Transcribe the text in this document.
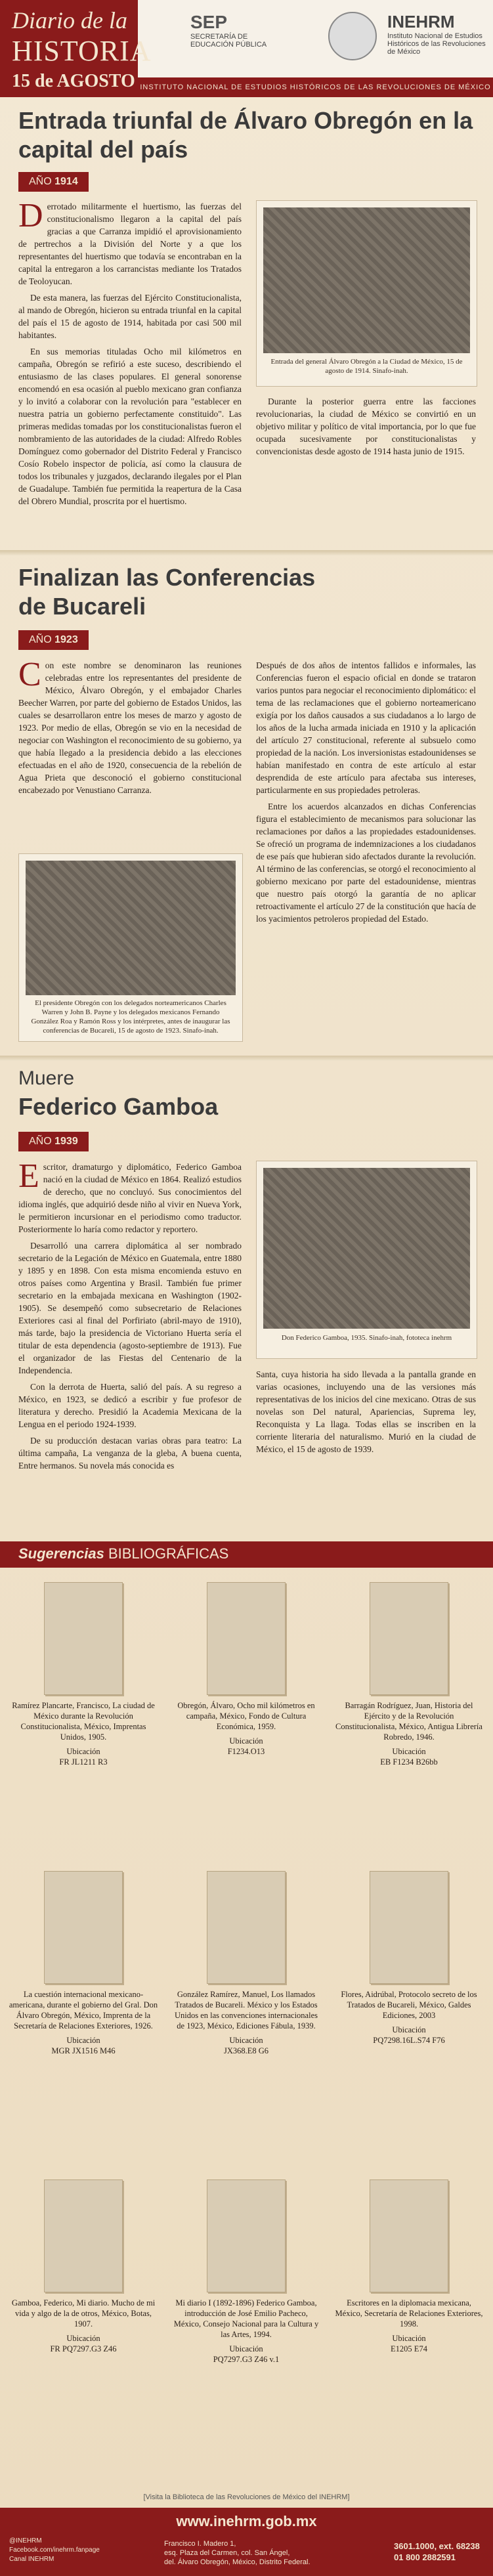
Diario de la
HISTORIA
15 de AGOSTO
SEP
SECRETARÍA DE EDUCACIÓN PÚBLICA
INEHRM
Instituto Nacional de Estudios Históricos de las Revoluciones de México
INSTITUTO NACIONAL DE ESTUDIOS HISTÓRICOS DE LAS REVOLUCIONES DE MÉXICO
Entrada triunfal de Álvaro Obregón en la capital del país
AÑO 1914

Derrotado militarmente el huertismo, las fuerzas del constitucionalismo llegaron a la capital del país gracias a que Carranza impidió el aprovisionamiento de pertrechos a la División del Norte y a que los representantes del huertismo que todavía se encontraban en la capital la entregaron a los carrancistas mediante los Tratados de Teoloyucan.

De esta manera, las fuerzas del Ejército Constitucionalista, al mando de Obregón, hicieron su entrada triunfal en la capital del país el 15 de agosto de 1914, habitada por casi 500 mil habitantes.

En sus memorias tituladas Ocho mil kilómetros en campaña, Obregón se refirió a este suceso, describiendo el entusiasmo de las clases populares. El general sonorense encomendó en esa ocasión al pueblo mexicano gran confianza y lo invitó a colaborar con la revolución para "establecer en nuestra patria un gobierno perfectamente constituido". Las primeras medidas tomadas por los constitucionalistas fueron el nombramiento de las autoridades de la ciudad: Alfredo Robles Domínguez como gobernador del Distrito Federal y Francisco Cosío Robelo inspector de policía, así como la clausura de todos los tribunales y juzgados, declarando ilegales por el Plan de Guadalupe. También fue permitida la reapertura de la Casa del Obrero Mundial, proscrita por el huertismo.

Entrada del general Álvaro Obregón a la Ciudad de México, 15 de agosto de 1914. Sinafo-inah.

Durante la posterior guerra entre las facciones revolucionarias, la ciudad de México se convirtió en un objetivo militar y político de vital importancia, por lo que fue ocupada sucesivamente por constitucionalistas y convencionistas desde agosto de 1914 hasta junio de 1915.

Finalizan las Conferencias
de Bucareli
AÑO 1923

Con este nombre se denominaron las reuniones celebradas entre los representantes del presidente de México, Álvaro Obregón, y el embajador Charles Beecher Warren, por parte del gobierno de Estados Unidos, las cuales se desarrollaron entre los meses de marzo y agosto de 1923. Por medio de ellas, Obregón se vio en la necesidad de negociar con Washington el reconocimiento de su gobierno, ya que había llegado a la presidencia debido a las elecciones efectuadas en el año de 1920, consecuencia de la rebelión de Agua Prieta que desconoció el gobierno constitucional encabezado por Venustiano Carranza.

El presidente Obregón con los delegados norteamericanos Charles Warren y John B. Payne y los delegados mexicanos Fernando González Roa y Ramón Ross y los intérpretes, antes de inaugurar las conferencias de Bucareli, 15 de agosto de 1923. Sinafo-inah.

Después de dos años de intentos fallidos e informales, las Conferencias fueron el espacio oficial en donde se trataron varios puntos para negociar el reconocimiento diplomático: el tema de las reclamaciones que el gobierno norteamericano exigía por los daños causados a sus ciudadanos a lo largo de los años de la lucha armada iniciada en 1910 y la aplicación del artículo 27 constitucional, referente al subsuelo como propiedad de la nación. Los inversionistas estadounidenses se habían manifestado en contra de este artículo al estar desprendida de este artículo para afectaba sus intereses, particularmente en sus propiedades petroleras.

Entre los acuerdos alcanzados en dichas Conferencias figura el establecimiento de mecanismos para solucionar las reclamaciones por daños a las propiedades estadounidenses. Se ofreció un programa de indemnizaciones a los ciudadanos de ese país que hubieran sido afectados durante la revolución. Al término de las conferencias, se otorgó el reconocimiento al gobierno mexicano por parte del estadounidense, mientras que nuestro país otorgó la garantía de no aplicar retroactivamente el artículo 27 de la constitución que hacía de los yacimientos petroleros propiedad del Estado.

Muere
Federico Gamboa
AÑO 1939

Escritor, dramaturgo y diplomático, Federico Gamboa nació en la ciudad de México en 1864. Realizó estudios de derecho, que no concluyó. Sus conocimientos del idioma inglés, que adquirió desde niño al vivir en Nueva York, le permitieron incursionar en el periodismo como traductor. Posteriormente lo haría como redactor y reportero.

Desarrolló una carrera diplomática al ser nombrado secretario de la Legación de México en Guatemala, entre 1880 y 1895 y en 1898. Con esta misma encomienda estuvo en otros países como Argentina y Brasil. También fue primer secretario en la embajada mexicana en Washington (1902-1905). Se desempeñó como subsecretario de Relaciones Exteriores casi al final del Porfiriato (abril-mayo de 1910), más tarde, bajo la presidencia de Victoriano Huerta sería el titular de esta dependencia (agosto-septiembre de 1913). Fue el organizador de las Fiestas del Centenario de la Independencia.

Con la derrota de Huerta, salió del país. A su regreso a México, en 1923, se dedicó a escribir y fue profesor de literatura y derecho. Presidió la Academia Mexicana de la Lengua en el periodo 1924-1939.

De su producción destacan varias obras para teatro: La última campaña, La venganza de la gleba, A buena cuenta, Entre hermanos. Su novela más conocida es

Don Federico Gamboa, 1935. Sinafo-inah, fototeca inehrm

Santa, cuya historia ha sido llevada a la pantalla grande en varias ocasiones, incluyendo una de las versiones más representativas de los inicios del cine mexicano. Otras de sus novelas son Del natural, Apariencias, Suprema ley, Reconquista y La llaga. Todas ellas se inscriben en la corriente literaria del naturalismo. Murió en la ciudad de México, el 15 de agosto de 1939.

Sugerencias BIBLIOGRÁFICAS
Ramírez Plancarte, Francisco, La ciudad de México durante la Revolución Constitucionalista, México, Imprentas Unidos, 1905.
Ubicación
FR JL1211 R3
Obregón, Álvaro, Ocho mil kilómetros en campaña, México, Fondo de Cultura Económica, 1959.
Ubicación
F1234.O13
Barragán Rodríguez, Juan, Historia del Ejército y de la Revolución Constitucionalista, México, Antigua Librería Robredo, 1946.
Ubicación
EB F1234 B26bb
La cuestión internacional mexicano-americana, durante el gobierno del Gral. Don Álvaro Obregón, México, Imprenta de la Secretaría de Relaciones Exteriores, 1926.
Ubicación
MGR JX1516 M46
González Ramírez, Manuel, Los llamados Tratados de Bucareli. México y los Estados Unidos en las convenciones internacionales de 1923, México, Ediciones Fábula, 1939.
Ubicación
JX368.E8 G6
Flores, Aidrúbal, Protocolo secreto de los Tratados de Bucareli, México, Galdes Ediciones, 2003
Ubicación
PQ7298.16L.S74 F76
Gamboa, Federico, Mi diario. Mucho de mi vida y algo de la de otros, México, Botas, 1907.
Ubicación
FR PQ7297.G3 Z46
Mi diario I (1892-1896) Federico Gamboa, introducción de José Emilio Pacheco, México, Consejo Nacional para la Cultura y las Artes, 1994.
Ubicación
PQ7297.G3 Z46 v.1
Escritores en la diplomacia mexicana, México, Secretaría de Relaciones Exteriores, 1998.
Ubicación
E1205 E74
[Visita la Biblioteca de las Revoluciones de México del INEHRM]
www.inehrm.gob.mx
@INEHRM
Facebook.com/inehrm.fanpage
Canal INEHRM
Francisco I. Madero 1,
esq. Plaza del Carmen, col. San Ángel,
del. Álvaro Obregón, México, Distrito Federal.
3601.1000, ext. 68238
01 800 2882591
